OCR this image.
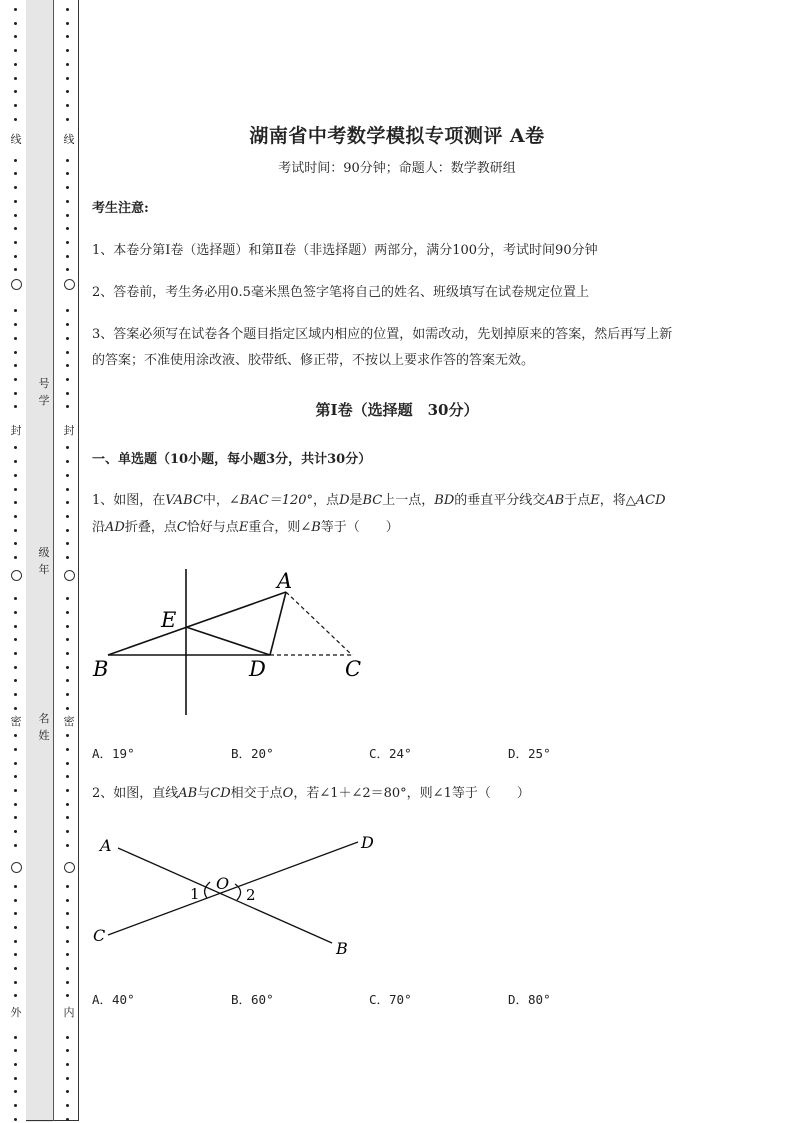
线
封
密
外
线
封
密
内
号
学
级
年
名
姓
湖南省中考数学模拟专项测评 A卷
考试时间：90分钟；命题人：数学教研组
考生注意:
1、本卷分第I卷（选择题）和第Ⅱ卷（非选择题）两部分，满分100分，考试时间90分钟
2、答卷前，考生务必用0.5毫米黑色签字笔将自己的姓名、班级填写在试卷规定位置上
3、答案必须写在试卷各个题目指定区域内相应的位置，如需改动，先划掉原来的答案，然后再写上新
的答案；不准使用涂改液、胶带纸、修正带，不按以上要求作答的答案无效。
第I卷（选择题　30分）
一、单选题（10小题，每小题3分，共计30分）
1、如图，在VABC中，∠BAC＝120°，点D是BC上一点，BD的垂直平分线交AB于点E，将△ACD
沿AD折叠，点C恰好与点E重合，则∠B等于（　　）
A
E
B	D	C
A．19°	B．20°	C．24°	D．25°
2、如图，直线AB与CD相交于点O，若∠1＋∠2＝80°，则∠1等于（　　）
A	D
C
B
O
1	2
A．40°	B．60°	C．70°	D．80°
